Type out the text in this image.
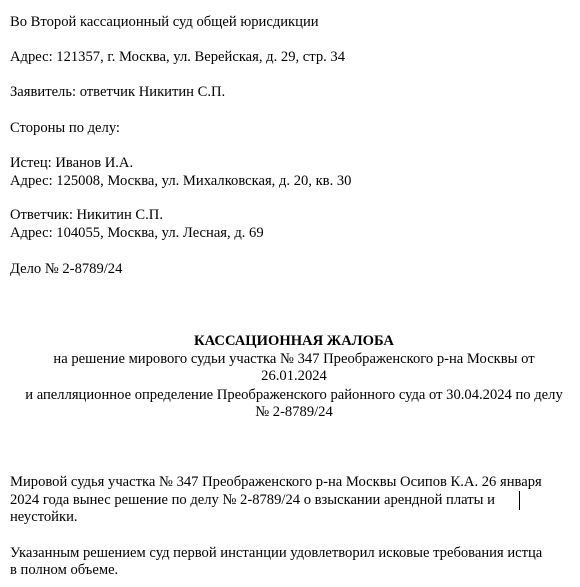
Во Второй кассационный суд общей юрисдикции
Адрес: 121357, г. Москва, ул. Верейская, д. 29, стр. 34
Заявитель: ответчик Никитин С.П.
Стороны по делу:
Истец: Иванов И.А.
Адрес: 125008, Москва, ул. Михалковская, д. 20, кв. 30
Ответчик: Никитин С.П.
Адрес: 104055, Москва, ул. Лесная, д. 69
Дело № 2-8789/24
КАССАЦИОННАЯ ЖАЛОБА
на решение мирового судьи участка № 347 Преображенского р-на Москвы от
26.01.2024
и апелляционное определение Преображенского районного суда от 30.04.2024 по делу
№ 2-8789/24
Мировой судья участка № 347 Преображенского р-на Москвы Осипов К.А. 26 января
2024 года вынес решение по делу № 2-8789/24 о взыскании арендной платы и
неустойки.
Указанным решением суд первой инстанции удовлетворил исковые требования истца
в полном объеме.
